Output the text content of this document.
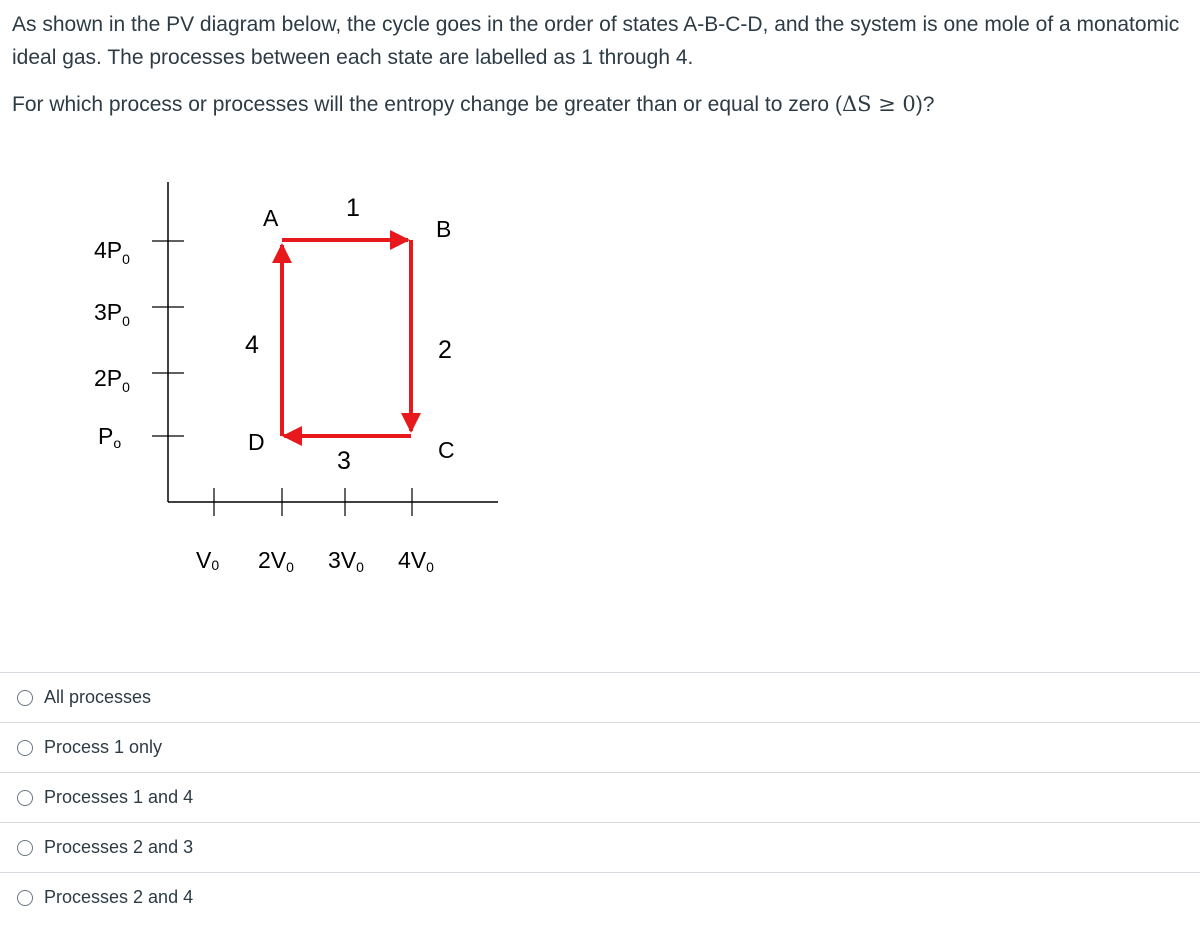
As shown in the PV diagram below, the cycle goes in the order of states A-B-C-D, and the system is one mole of a monatomic ideal gas. The processes between each state are labelled as 1 through 4.
For which process or processes will the entropy change be greater than or equal to zero (ΔS ≥ 0)?
$4P_0$
$3P_0$
$2P_0$
Po
V0 2V0 3V0 4V0
A	B
C
D
1
2
3
4
All processes
Process 1 only
Processes 1 and 4
Processes 2 and 3
Processes 2 and 4
